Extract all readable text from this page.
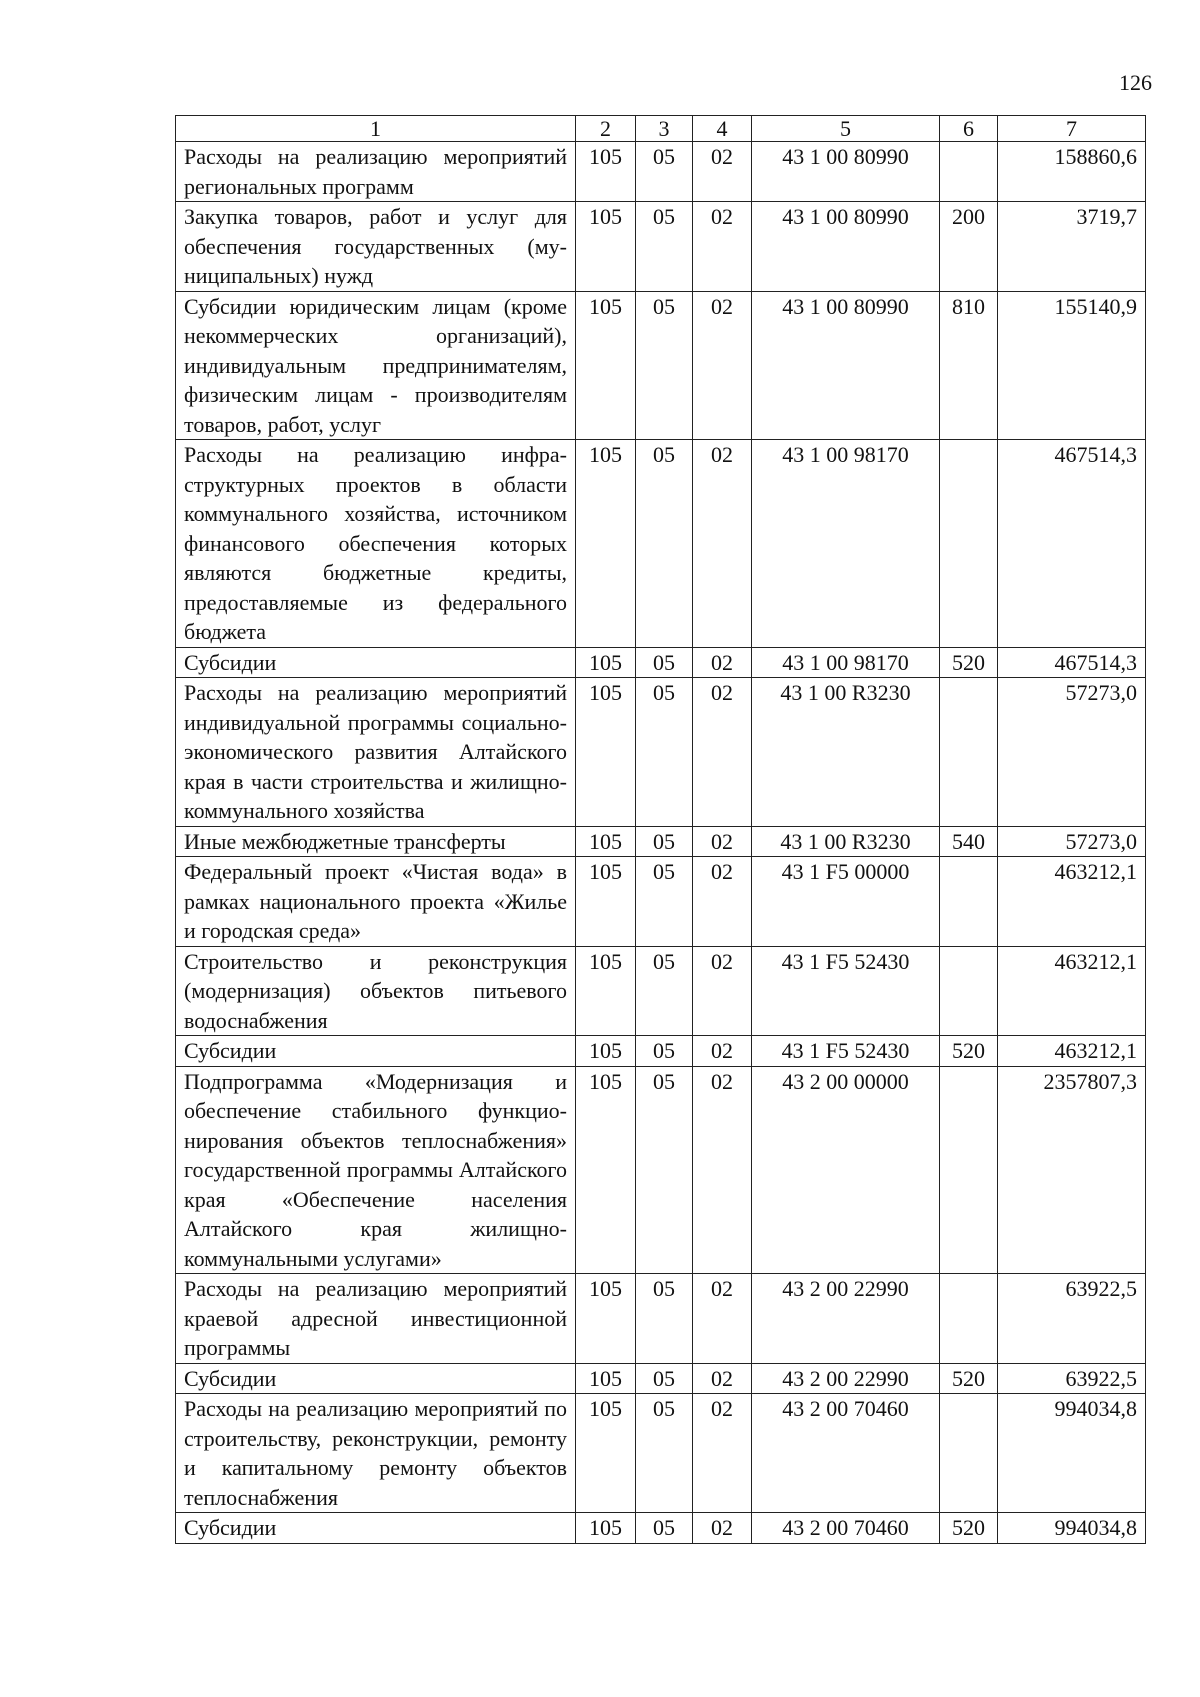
126
1	2	3	4	5	6	7
Расходы на реализацию мероприятий региональных программ	105	05	02	43 1 00 80990		158860,6
Закупка товаров, работ и услуг для обеспечения государственных (муниципальных) нужд	105	05	02	43 1 00 80990	200	3719,7
Субсидии юридическим лицам (кроме некоммерческих организаций), индивидуальным предпринимателям, физическим лицам - производителям товаров, работ, услуг	105	05	02	43 1 00 80990	810	155140,9
Расходы на реализацию инфраструктурных проектов в области коммунального хозяйства, источником финансового обеспечения которых являются бюджетные кредиты, предоставляемые из федерального бюджета	105	05	02	43 1 00 98170		467514,3
Субсидии	105	05	02	43 1 00 98170	520	467514,3
Расходы на реализацию мероприятий индивидуальной программы социально-экономического развития Алтайского края в части строительства и жилищно-коммунального хозяйства	105	05	02	43 1 00 R3230		57273,0
Иные межбюджетные трансферты	105	05	02	43 1 00 R3230	540	57273,0
Федеральный проект «Чистая вода» в рамках национального проекта «Жилье и городская среда»	105	05	02	43 1 F5 00000		463212,1
Строительство и реконструкция (модернизация) объектов питьевого водоснабжения	105	05	02	43 1 F5 52430		463212,1
Субсидии	105	05	02	43 1 F5 52430	520	463212,1
Подпрограмма «Модернизация и обеспечение стабильного функционирования объектов теплоснабжения» государственной программы Алтайского края «Обеспечение населения Алтайского края жилищно-коммунальными услугами»	105	05	02	43 2 00 00000		2357807,3
Расходы на реализацию мероприятий краевой адресной инвестиционной программы	105	05	02	43 2 00 22990		63922,5
Субсидии	105	05	02	43 2 00 22990	520	63922,5
Расходы на реализацию мероприятий по строительству, реконструкции, ремонту и капитальному ремонту объектов теплоснабжения	105	05	02	43 2 00 70460		994034,8
Субсидии	105	05	02	43 2 00 70460	520	994034,8
